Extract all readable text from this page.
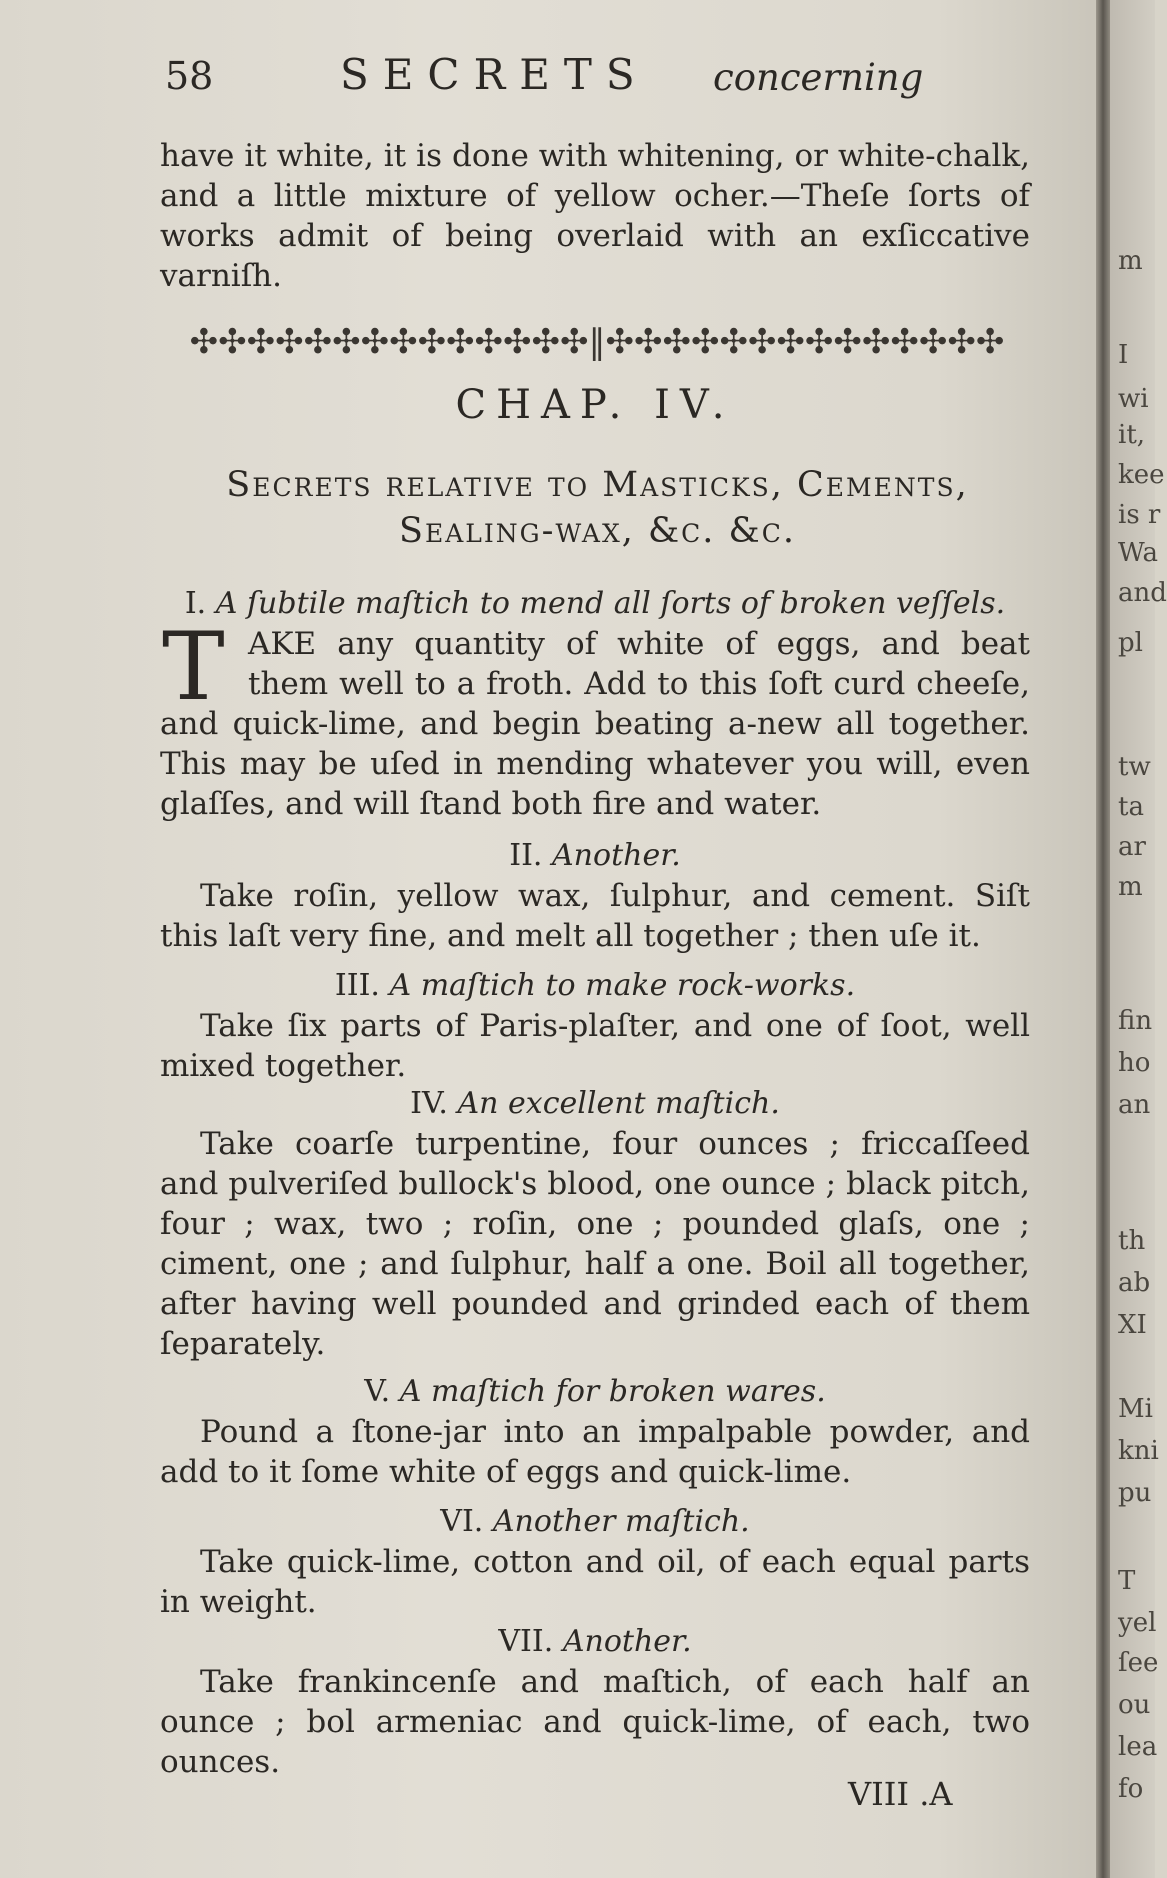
m
I
wi
it,
kee
is r
Wa
and
pl
tw
ta
ar
m
fin
ho
an
th
ab
XI
Mi
kni
pu
T
yel
ſee
ou
lea
fo
58	SECRETS concerning
have it white, it is done with whitening, or white-chalk, and a little mixture of yellow ocher.—Theſe ſorts of works admit of being overlaid with an exſiccative varniſh.
✣✣✣✣✣✣✣✣✣✣✣✣✣✣‖✣✣✣✣✣✣✣✣✣✣✣✣✣✣
CHAP. IV.
Secrets relative to Masticks, Cements,
Sealing-wax, &c. &c.
I. A ſubtile maſtich to mend all ſorts of broken veſſels.
T AKE any quantity of white of eggs, and beat them well to a froth. Add to this ſoft curd cheeſe, and quick-lime, and begin beating a-new all together. This may be uſed in mending whatever you will, even glaſſes, and will ſtand both fire and water.
II. Another.
Take roſin, yellow wax, ſulphur, and cement. Siſt this laſt very fine, and melt all together ; then uſe it.
III. A maſtich to make rock-works.
Take ſix parts of Paris-plaſter, and one of ſoot, well mixed together.
IV. An excellent maſtich.
Take coarſe turpentine, four ounces ; friccaſſeed and pulveriſed bullock's blood, one ounce ; black pitch, four ; wax, two ; roſin, one ; pounded glaſs, one ; ciment, one ; and ſulphur, half a one. Boil all together, after having well pounded and grinded each of them ſeparately.
V. A maſtich for broken wares.
Pound a ſtone-jar into an impalpable powder, and add to it ſome white of eggs and quick-lime.
VI. Another maſtich.
Take quick-lime, cotton and oil, of each equal parts in weight.
VII. Another.
Take frankincenſe and maſtich, of each half an ounce ; bol armeniac and quick-lime, of each, two ounces.
VIII .A
